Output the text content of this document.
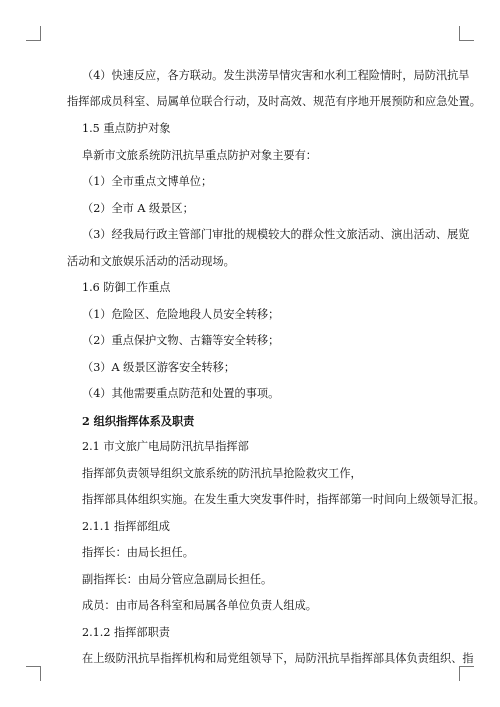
（4）快速反应，各方联动。发生洪涝旱情灾害和水利工程险情时，局防汛抗旱
指挥部成员科室、局属单位联合行动，及时高效、规范有序地开展预防和应急处置。
1.5 重点防护对象
阜新市文旅系统防汛抗旱重点防护对象主要有：
（1）全市重点文博单位；
（2）全市 A 级景区；
（3）经我局行政主管部门审批的规模较大的群众性文旅活动、演出活动、展览
活动和文旅娱乐活动的活动现场。
1.6 防御工作重点
（1）危险区、危险地段人员安全转移；
（2）重点保护文物、古籍等安全转移；
（3）A 级景区游客安全转移；
（4）其他需要重点防范和处置的事项。
2 组织指挥体系及职责
2.1 市文旅广电局防汛抗旱指挥部
指挥部负责领导组织文旅系统的防汛抗旱抢险救灾工作，
指挥部具体组织实施。在发生重大突发事件时，指挥部第一时间向上级领导汇报。
2.1.1 指挥部组成
指挥长：由局长担任。
副指挥长：由局分管应急副局长担任。
成员：由市局各科室和局属各单位负责人组成。
2.1.2 指挥部职责
在上级防汛抗旱指挥机构和局党组领导下，局防汛抗旱指挥部具体负责组织、指
